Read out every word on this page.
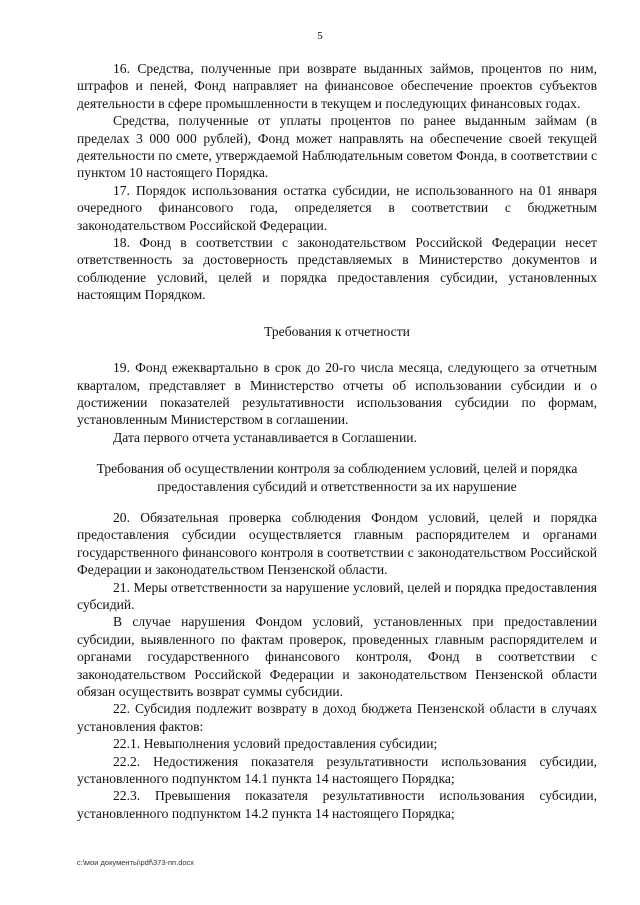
5

16. Средства, полученные при возврате выданных займов, процентов по ним, штрафов и пеней, Фонд направляет на финансовое обеспечение проектов субъектов деятельности в сфере промышленности в текущем и последующих финансовых годах.

Средства, полученные от уплаты процентов по ранее выданным займам (в пределах 3 000 000 рублей), Фонд может направлять на обеспечение своей текущей деятельности по смете, утверждаемой Наблюдательным советом Фонда, в соответствии с пунктом 10 настоящего Порядка.

17. Порядок использования остатка субсидии, не использованного на 01 января очередного финансового года, определяется в соответствии с бюджетным законодательством Российской Федерации.

18. Фонд в соответствии с законодательством Российской Федерации несет ответственность за достоверность представляемых в Министерство документов и соблюдение условий, целей и порядка предоставления субсидии, установленных настоящим Порядком.

Требования к отчетности

19. Фонд ежеквартально в срок до 20-го числа месяца, следующего за отчетным кварталом, представляет в Министерство отчеты об использовании субсидии и о достижении показателей результативности использования субсидии по формам, установленным Министерством в соглашении.

Дата первого отчета устанавливается в Соглашении.

Требования об осуществлении контроля за соблюдением условий, целей и порядка предоставления субсидий и ответственности за их нарушение

20. Обязательная проверка соблюдения Фондом условий, целей и порядка предоставления субсидии осуществляется главным распорядителем и органами государственного финансового контроля в соответствии с законодательством Российской Федерации и законодательством Пензенской области.

21. Меры ответственности за нарушение условий, целей и порядка предоставления субсидий.

В случае нарушения Фондом условий, установленных при предоставлении субсидии, выявленного по фактам проверок, проведенных главным распорядителем и органами государственного финансового контроля, Фонд в соответствии с законодательством Российской Федерации и законодательством Пензенской области обязан осуществить возврат суммы субсидии.

22. Субсидия подлежит возврату в доход бюджета Пензенской области в случаях установления фактов:

22.1. Невыполнения условий предоставления субсидии;

22.2. Недостижения показателя результативности использования субсидии, установленного подпунктом 14.1 пункта 14 настоящего Порядка;

22.3. Превышения показателя результативности использования субсидии, установленного подпунктом 14.2 пункта 14 настоящего Порядка;

с:\мои документы\pdf\373-пп.docx
